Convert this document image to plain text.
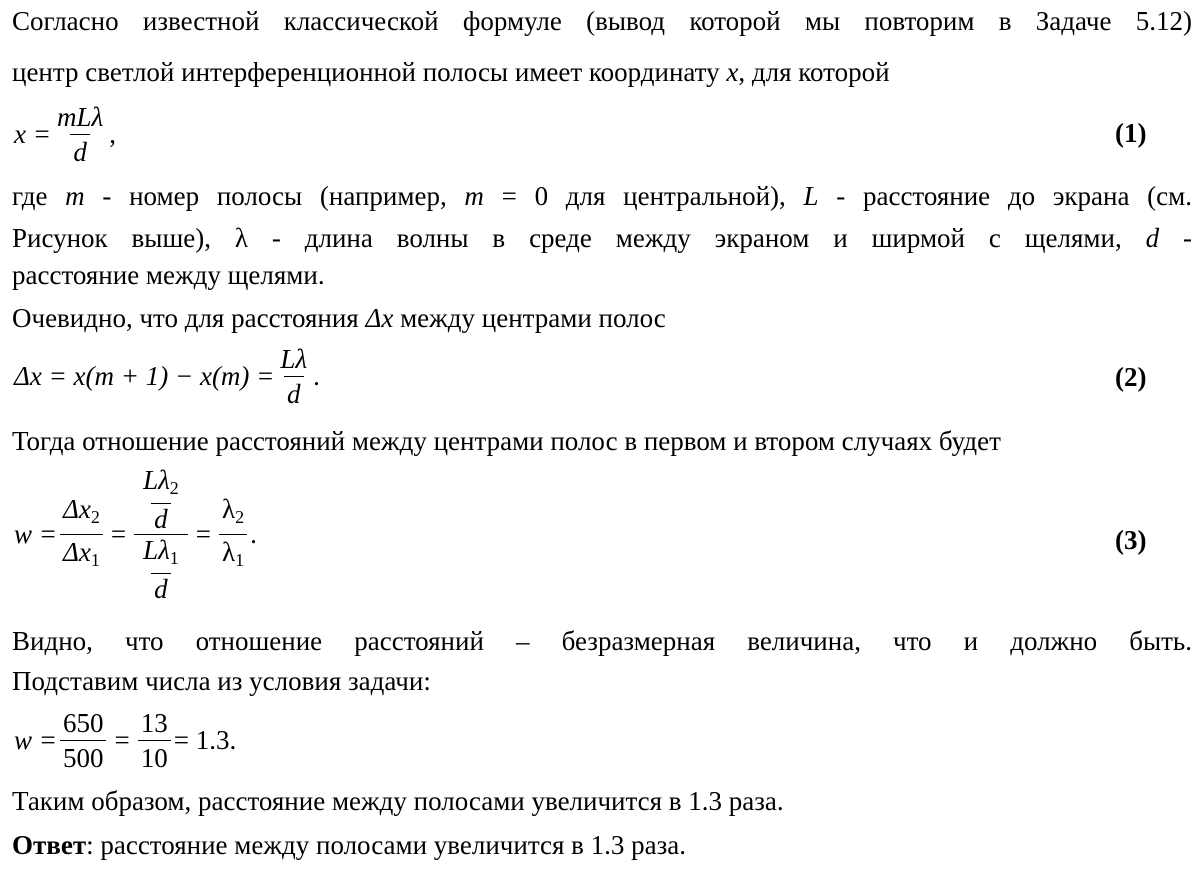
Согласно известной классической формуле (вывод которой мы повторим в Задаче 5.12)
центр светлой интерференционной полосы имеет координату x, для которой
$x = \frac{\text{mLλ}}{d}$ ,	(1)
где m - номер полосы (например, m = 0 для центральной), L - расстояние до экрана (см.
Рисунок выше), λ - длина волны в среде между экраном и ширмой с щелями, d -
расстояние между щелями.
Очевидно, что для расстояния Δx между центрами полос
$\Delta x = x(m + 1) - x(m) = \frac{L\lambda}{d}$ .	(2)
Тогда отношение расстояний между центрами полос в первом и втором случаях будет
$w = \frac{\Delta x_2}{\Delta x_1} = \frac{\frac{L\lambda_2}{d}}{\frac{L\lambda_1}{d}} = \frac{\lambda_2}{\lambda_1}$ .	(3)
Видно, что отношение расстояний – безразмерная величина, что и должно быть.
Подставим числа из условия задачи:
$w = \frac{650}{500} = \frac{13}{10} = 1.3$.
Таким образом, расстояние между полосами увеличится в 1.3 раза.
Ответ: расстояние между полосами увеличится в 1.3 раза.
